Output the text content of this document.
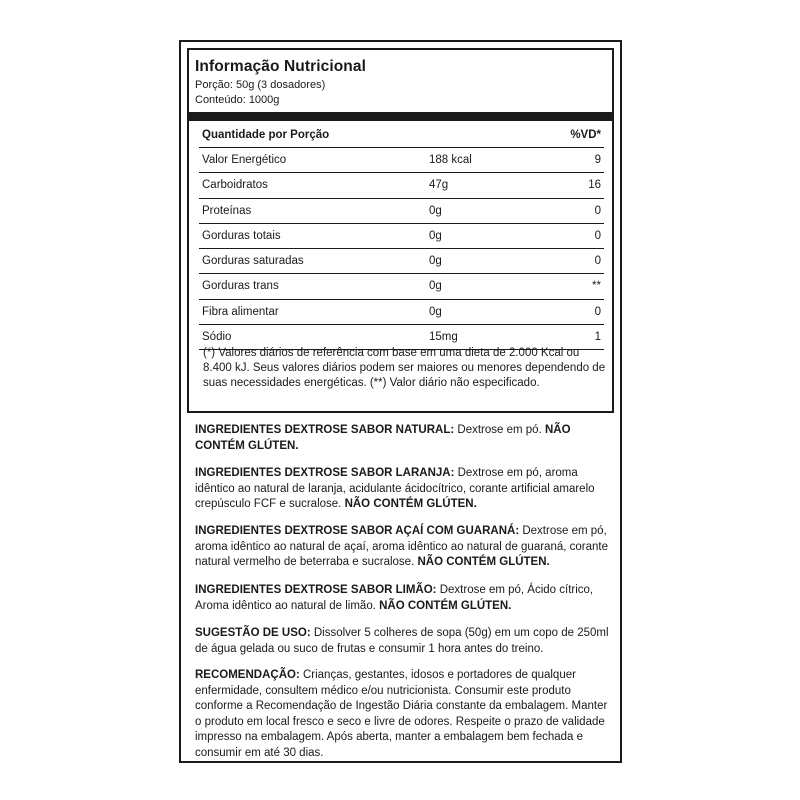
Informação Nutricional
Porção: 50g (3 dosadores)
Conteúdo: 1000g
Quantidade por Porção	%VD*
Valor Energético	188 kcal	9
Carboidratos	47g	16
Proteínas	0g	0
Gorduras totais	0g	0
Gorduras saturadas	0g	0
Gorduras trans	0g	**
Fibra alimentar	0g	0
Sódio	15mg	1
(*) Valores diários de referência com base em uma dieta de 2.000 Kcal ou 8.400 kJ. Seus valores diários podem ser maiores ou menores dependendo de suas necessidades energéticas. (**) Valor diário não especificado.
INGREDIENTES DEXTROSE SABOR NATURAL: Dextrose em pó. NÃO CONTÉM GLÚTEN.
INGREDIENTES DEXTROSE SABOR LARANJA: Dextrose em pó, aroma idêntico ao natural de laranja, acidulante ácidocítrico, corante artificial amarelo crepúsculo FCF e sucralose. NÃO CONTÉM GLÚTEN.
INGREDIENTES DEXTROSE SABOR AÇAÍ COM GUARANÁ: Dextrose em pó, aroma idêntico ao natural de açaí, aroma idêntico ao natural de guaraná, corante natural vermelho de beterraba e sucralose. NÃO CONTÉM GLÚTEN.
INGREDIENTES DEXTROSE SABOR LIMÃO: Dextrose em pó, Ácido cítrico, Aroma idêntico ao natural de limão. NÃO CONTÉM GLÚTEN.
SUGESTÃO DE USO: Dissolver 5 colheres de sopa (50g) em um copo de 250ml de água gelada ou suco de frutas e consumir 1 hora antes do treino.
RECOMENDAÇÃO: Crianças, gestantes, idosos e portadores de qualquer enfermidade, consultem médico e/ou nutricionista. Consumir este produto conforme a Recomendação de Ingestão Diária constante da embalagem. Manter o produto em local fresco e seco e livre de odores. Respeite o prazo de validade impresso na embalagem. Após aberta, manter a embalagem bem fechada e consumir em até 30 dias.
